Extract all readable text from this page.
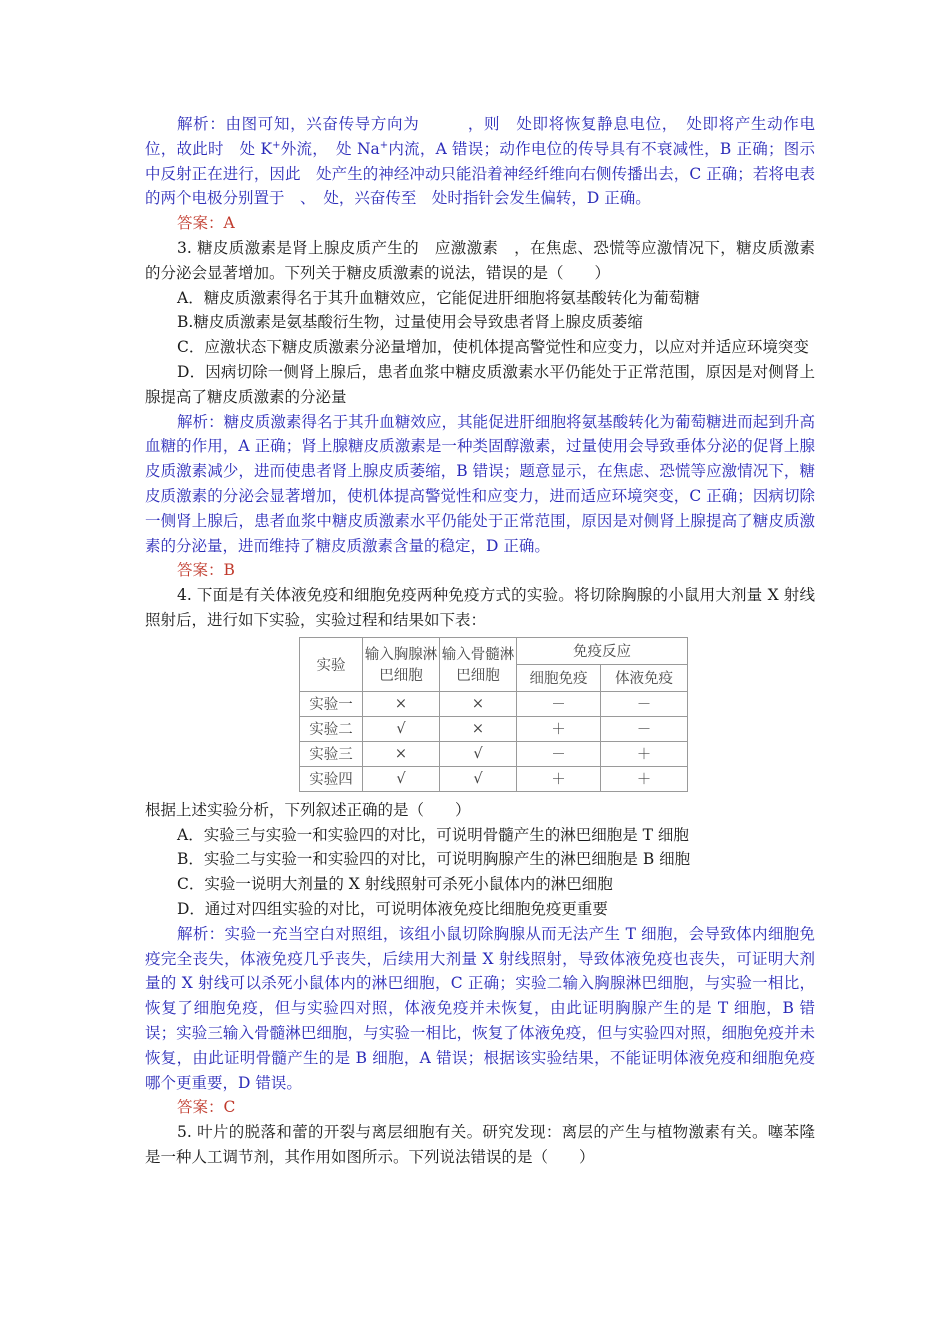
解析：由图可知，兴奋传导方向为　　　	，则　 处即将恢复静息电位，　 处即将产生动作电位，故此时　 处 K+外流，　 处 Na+内流，A 错误；动作电位的传导具有不衰减性，B 正确；图示中反射正在进行，因此　 处产生的神经冲动只能沿着神经纤维向右侧传播出去，C 正确；若将电表的两个电极分别置于　 、　 处，兴奋传至　 处时指针会发生偏转，D 正确。

答案：A

3. 糖皮质激素是肾上腺皮质产生的　 应激激素　 ，在焦虑、恐慌等应激情况下，糖皮质激素的分泌会显著增加。下列关于糖皮质激素的说法，错误的是（　　）

A．糖皮质激素得名于其升血糖效应，它能促进肝细胞将氨基酸转化为葡萄糖

B.糖皮质激素是氨基酸衍生物，过量使用会导致患者肾上腺皮质萎缩

C．应激状态下糖皮质激素分泌量增加，使机体提高警觉性和应变力，以应对并适应环境突变

D．因病切除一侧肾上腺后，患者血浆中糖皮质激素水平仍能处于正常范围，原因是对侧肾上腺提高了糖皮质激素的分泌量

解析：糖皮质激素得名于其升血糖效应，其能促进肝细胞将氨基酸转化为葡萄糖进而起到升高血糖的作用，A 正确；肾上腺糖皮质激素是一种类固醇激素，过量使用会导致垂体分泌的促肾上腺皮质激素减少，进而使患者肾上腺皮质萎缩，B 错误；题意显示，在焦虑、恐慌等应激情况下，糖皮质激素的分泌会显著增加，使机体提高警觉性和应变力，进而适应环境突变，C 正确；因病切除一侧肾上腺后，患者血浆中糖皮质激素水平仍能处于正常范围，原因是对侧肾上腺提高了糖皮质激素的分泌量，进而维持了糖皮质激素含量的稳定，D 正确。

答案：B

4. 下面是有关体液免疫和细胞免疫两种免疫方式的实验。将切除胸腺的小鼠用大剂量 X 射线照射后，进行如下实验，实验过程和结果如下表：

实验	输入胸腺淋巴细胞	输入骨髓淋巴细胞	免疫反应	
			细胞免疫	体液免疫
实验一	×	×	－	－
实验二	√	×	＋	－
实验三	×	√	－	＋
实验四	√	√	＋	＋

根据上述实验分析，下列叙述正确的是（　　）

A．实验三与实验一和实验四的对比，可说明骨髓产生的淋巴细胞是 T 细胞

B．实验二与实验一和实验四的对比，可说明胸腺产生的淋巴细胞是 B 细胞

C．实验一说明大剂量的 X 射线照射可杀死小鼠体内的淋巴细胞

D．通过对四组实验的对比，可说明体液免疫比细胞免疫更重要

解析：实验一充当空白对照组，该组小鼠切除胸腺从而无法产生 T 细胞，会导致体内细胞免疫完全丧失，体液免疫几乎丧失，后续用大剂量 X 射线照射，导致体液免疫也丧失，可证明大剂量的 X 射线可以杀死小鼠体内的淋巴细胞，C 正确；实验二输入胸腺淋巴细胞，与实验一相比，恢复了细胞免疫，但与实验四对照，体液免疫并未恢复，由此证明胸腺产生的是 T 细胞，B 错误；实验三输入骨髓淋巴细胞，与实验一相比，恢复了体液免疫，但与实验四对照，细胞免疫并未恢复，由此证明骨髓产生的是 B 细胞，A 错误；根据该实验结果，不能证明体液免疫和细胞免疫哪个更重要，D 错误。

答案：C

5. 叶片的脱落和蕾的开裂与离层细胞有关。研究发现：离层的产生与植物激素有关。噻苯隆是一种人工调节剂，其作用如图所示。下列说法错误的是（　　）
